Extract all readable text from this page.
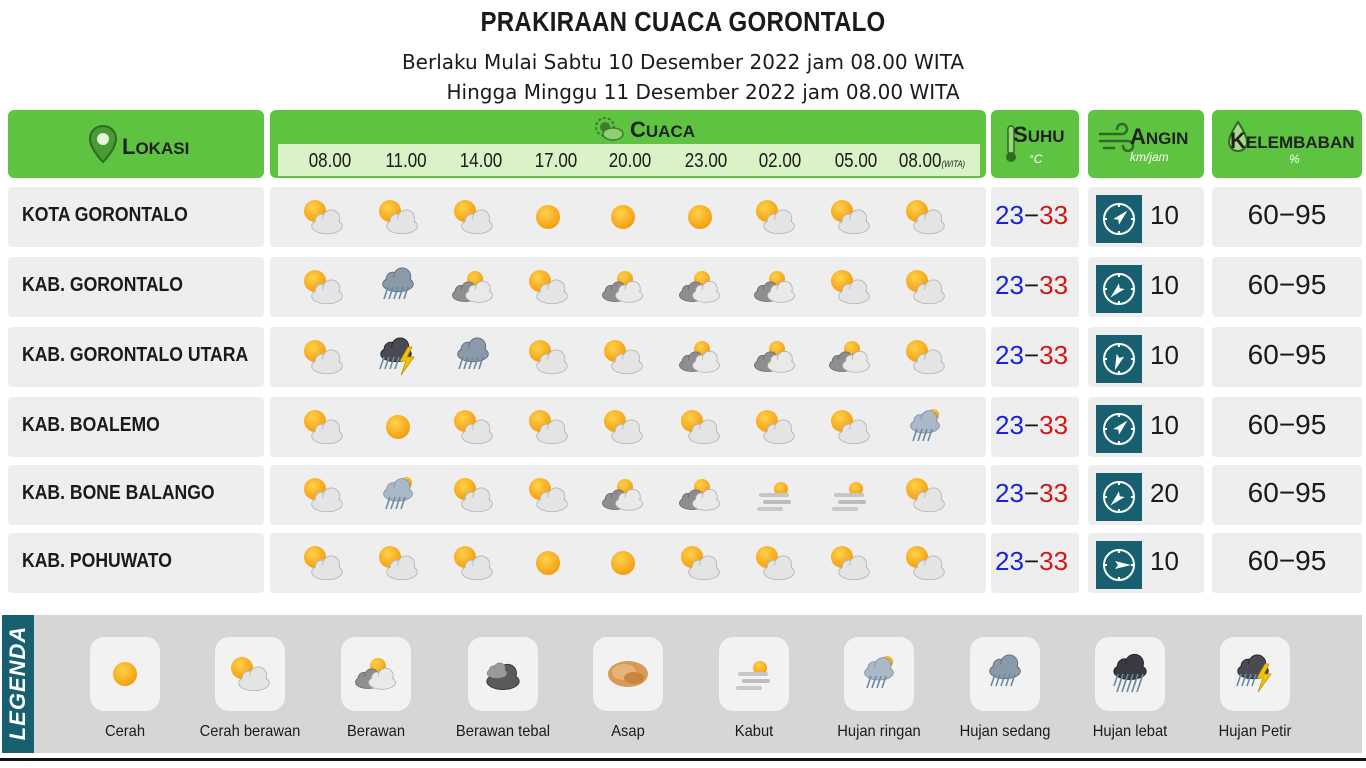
PRAKIRAAN CUACA GORONTALO
Berlaku Mulai Sabtu 10 Desember 2022 jam 08.00 WITA
Hingga Minggu 11 Desember 2022 jam 08.00 WITA
LOKASI
CUACA
08.00	11.00	14.00	17.00	20.00	23.00	02.00	05.00	08.00(WITA)
SUHU
°C
ANGIN
km/jam
KELEMBABAN
%
KOTA GORONTALO	23−33	10	60−95
KAB. GORONTALO	23−33	10	60−95
KAB. GORONTALO UTARA	23−33	10	60−95
KAB. BOALEMO	23−33	10	60−95
KAB. BONE BALANGO	23−33	20	60−95
KAB. POHUWATO	23−33	10	60−95
LEGENDA	Cerah	Cerah berawan	Berawan	Berawan tebal	Asap	Kabut	Hujan ringan	Hujan sedang	Hujan lebat	Hujan Petir
